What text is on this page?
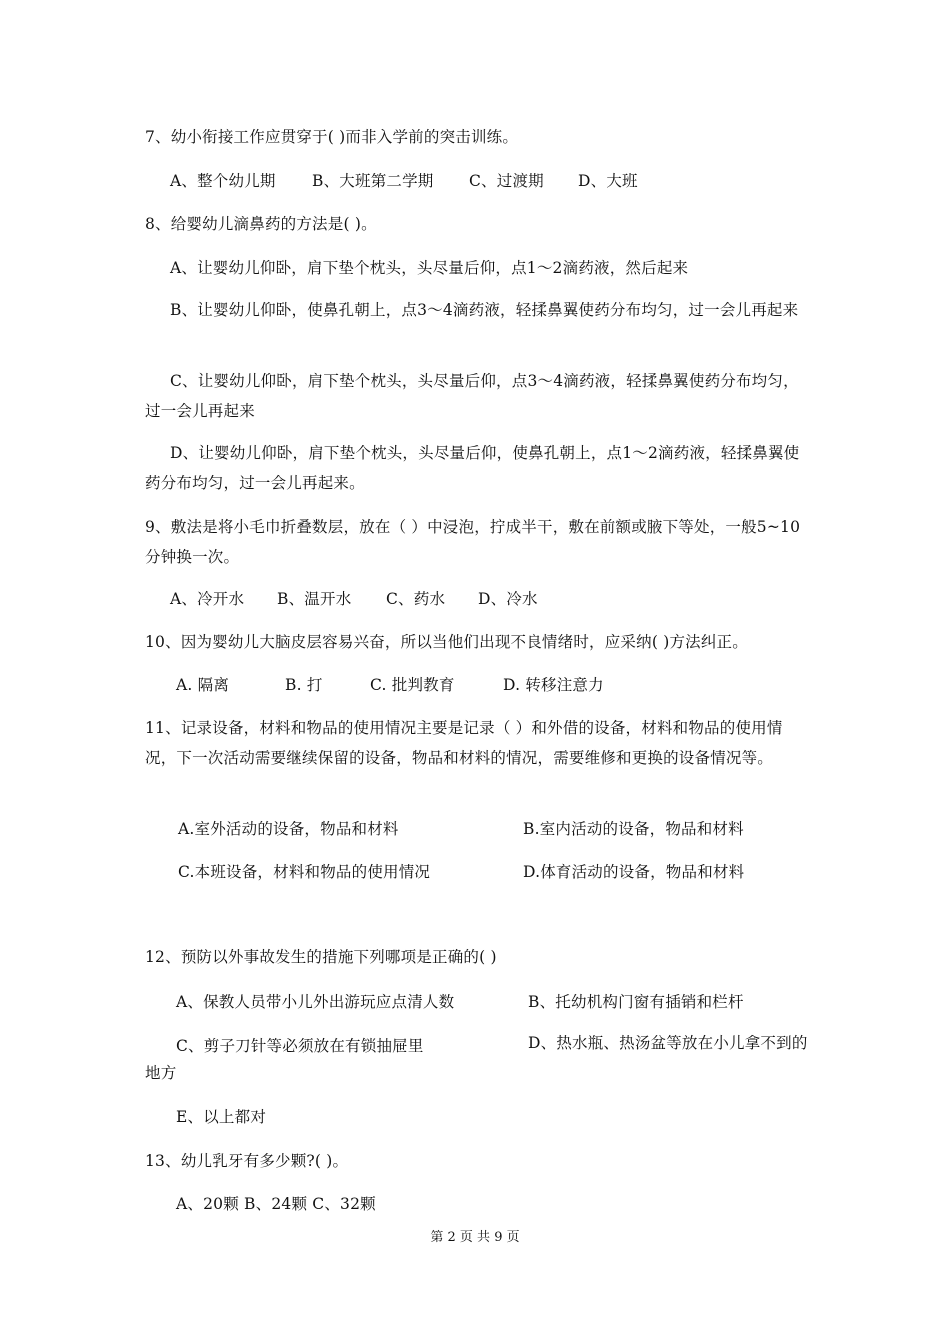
7、幼小衔接工作应贯穿于( )而非入学前的突击训练。
A、整个幼儿期 B、大班第二学期 C、过渡期 D、大班
8、给婴幼儿滴鼻药的方法是( )。
A、让婴幼儿仰卧，肩下垫个枕头，头尽量后仰，点1～2滴药液，然后起来
B、让婴幼儿仰卧，使鼻孔朝上，点3～4滴药液，轻揉鼻翼使药分布均匀，过一会儿再起来
C、让婴幼儿仰卧，肩下垫个枕头，头尽量后仰，点3～4滴药液，轻揉鼻翼使药分布均匀，过一会儿再起来
D、让婴幼儿仰卧，肩下垫个枕头，头尽量后仰，使鼻孔朝上，点1～2滴药液，轻揉鼻翼使药分布均匀，过一会儿再起来。
9、敷法是将小毛巾折叠数层，放在（ ）中浸泡，拧成半干，敷在前额或腋下等处，一般5~10分钟换一次。
A、冷开水 B、温开水 C、药水 D、冷水
10、因为婴幼儿大脑皮层容易兴奋，所以当他们出现不良情绪时，应采纳( )方法纠正。
A. 隔离	B. 打	C. 批判教育	D. 转移注意力
11、记录设备，材料和物品的使用情况主要是记录（ ）和外借的设备，材料和物品的使用情况，下一次活动需要继续保留的设备，物品和材料的情况，需要维修和更换的设备情况等。
A.室外活动的设备，物品和材料	B.室内活动的设备，物品和材料
C.本班设备，材料和物品的使用情况	D.体育活动的设备，物品和材料
12、预防以外事故发生的措施下列哪项是正确的( )
A、保教人员带小儿外出游玩应点清人数	B、托幼机构门窗有插销和栏杆
C、剪子刀针等必须放在有锁抽屉里	D、热水瓶、热汤盆等放在小儿拿不到的地方
E、以上都对
13、幼儿乳牙有多少颗?( )。
A、20颗 B、24颗 C、32颗
第 2 页 共 9 页
